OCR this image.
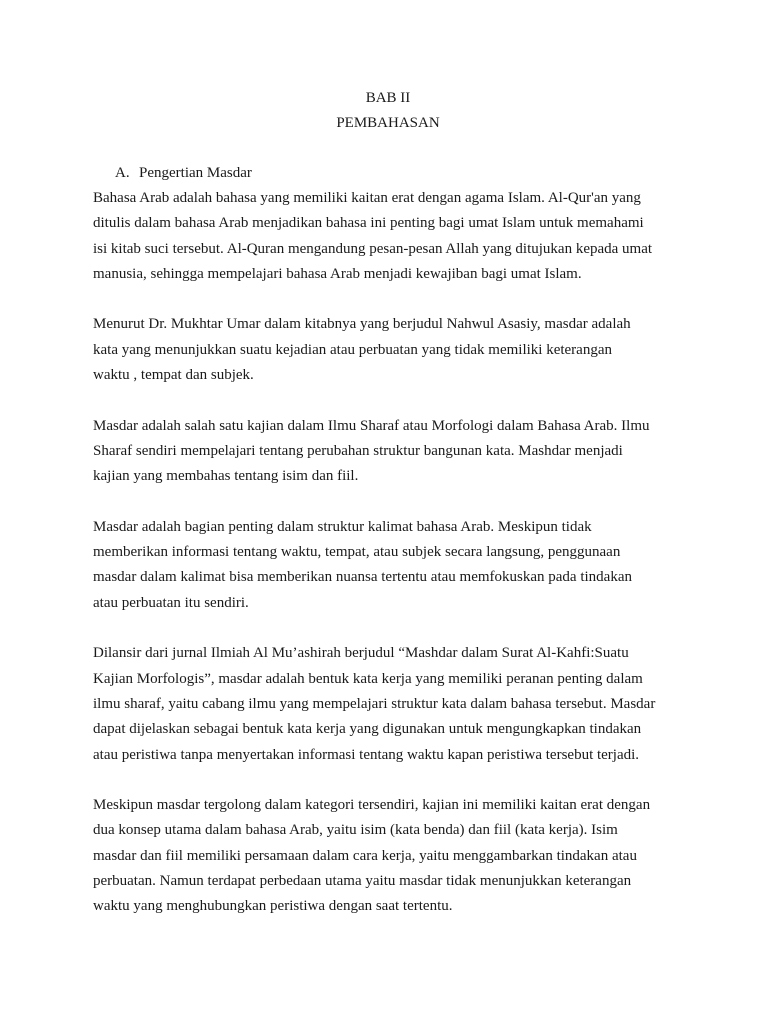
BAB II
PEMBAHASAN
A. Pengertian Masdar

Bahasa Arab adalah bahasa yang memiliki kaitan erat dengan agama Islam. Al-Qur'an yang
ditulis dalam bahasa Arab menjadikan bahasa ini penting bagi umat Islam untuk memahami
isi kitab suci tersebut. Al-Quran mengandung pesan-pesan Allah yang ditujukan kepada umat
manusia, sehingga mempelajari bahasa Arab menjadi kewajiban bagi umat Islam.

Menurut Dr. Mukhtar Umar dalam kitabnya yang berjudul Nahwul Asasiy, masdar adalah
kata yang menunjukkan suatu kejadian atau perbuatan yang tidak memiliki keterangan
waktu , tempat dan subjek.

Masdar adalah salah satu kajian dalam Ilmu Sharaf atau Morfologi dalam Bahasa Arab. Ilmu
Sharaf sendiri mempelajari tentang perubahan struktur bangunan kata. Mashdar menjadi
kajian yang membahas tentang isim dan fiil.

Masdar adalah bagian penting dalam struktur kalimat bahasa Arab. Meskipun tidak
memberikan informasi tentang waktu, tempat, atau subjek secara langsung, penggunaan
masdar dalam kalimat bisa memberikan nuansa tertentu atau memfokuskan pada tindakan
atau perbuatan itu sendiri.

Dilansir dari jurnal Ilmiah Al Mu’ashirah berjudul “Mashdar dalam Surat Al-Kahfi:Suatu
Kajian Morfologis”, masdar adalah bentuk kata kerja yang memiliki peranan penting dalam
ilmu sharaf, yaitu cabang ilmu yang mempelajari struktur kata dalam bahasa tersebut. Masdar
dapat dijelaskan sebagai bentuk kata kerja yang digunakan untuk mengungkapkan tindakan
atau peristiwa tanpa menyertakan informasi tentang waktu kapan peristiwa tersebut terjadi.

Meskipun masdar tergolong dalam kategori tersendiri, kajian ini memiliki kaitan erat dengan
dua konsep utama dalam bahasa Arab, yaitu isim (kata benda) dan fiil (kata kerja). Isim
masdar dan fiil memiliki persamaan dalam cara kerja, yaitu menggambarkan tindakan atau
perbuatan. Namun terdapat perbedaan utama yaitu masdar tidak menunjukkan keterangan
waktu yang menghubungkan peristiwa dengan saat tertentu.
